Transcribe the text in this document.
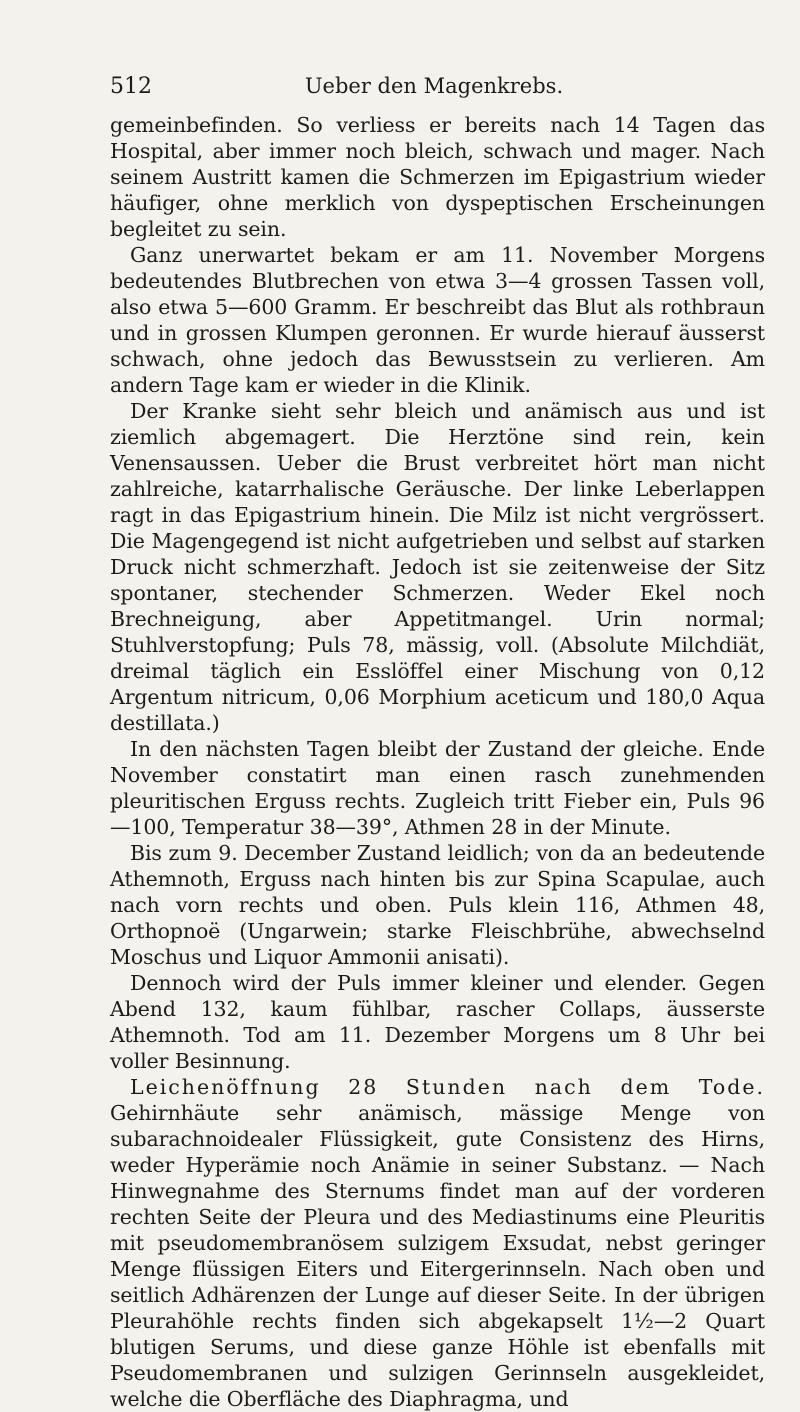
512	Ueber den Magenkrebs.

gemeinbefinden. So verliess er bereits nach 14 Tagen das Hospital, aber immer noch bleich, schwach und mager. Nach seinem Austritt kamen die Schmerzen im Epigastrium wieder häufiger, ohne merklich von dyspeptischen Erscheinungen begleitet zu sein.

Ganz unerwartet bekam er am 11. November Morgens bedeutendes Blutbrechen von etwa 3—4 grossen Tassen voll, also etwa 5—600 Gramm. Er beschreibt das Blut als rothbraun und in grossen Klumpen geronnen. Er wurde hierauf äusserst schwach, ohne jedoch das Bewusstsein zu verlieren. Am andern Tage kam er wieder in die Klinik.

Der Kranke sieht sehr bleich und anämisch aus und ist ziemlich abgemagert. Die Herztöne sind rein, kein Venensaussen. Ueber die Brust verbreitet hört man nicht zahlreiche, katarrhalische Geräusche. Der linke Leberlappen ragt in das Epigastrium hinein. Die Milz ist nicht vergrössert. Die Magengegend ist nicht aufgetrieben und selbst auf starken Druck nicht schmerzhaft. Jedoch ist sie zeitenweise der Sitz spontaner, stechender Schmerzen. Weder Ekel noch Brechneigung, aber Appetitmangel. Urin normal; Stuhlverstopfung; Puls 78, mässig, voll. (Absolute Milchdiät, dreimal täglich ein Esslöffel einer Mischung von 0,12 Argentum nitricum, 0,06 Morphium aceticum und 180,0 Aqua destillata.)

In den nächsten Tagen bleibt der Zustand der gleiche. Ende November constatirt man einen rasch zunehmenden pleuritischen Erguss rechts. Zugleich tritt Fieber ein, Puls 96—100, Temperatur 38—39°, Athmen 28 in der Minute.

Bis zum 9. December Zustand leidlich; von da an bedeutende Athemnoth, Erguss nach hinten bis zur Spina Scapulae, auch nach vorn rechts und oben. Puls klein 116, Athmen 48, Orthopnoë (Ungarwein; starke Fleischbrühe, abwechselnd Moschus und Liquor Ammonii anisati).

Dennoch wird der Puls immer kleiner und elender. Gegen Abend 132, kaum fühlbar, rascher Collaps, äusserste Athemnoth. Tod am 11. Dezember Morgens um 8 Uhr bei voller Besinnung.

Leichenöffnung 28 Stunden nach dem Tode. Gehirnhäute sehr anämisch, mässige Menge von subarachnoidealer Flüssigkeit, gute Consistenz des Hirns, weder Hyperämie noch Anämie in seiner Substanz. — Nach Hinwegnahme des Sternums findet man auf der vorderen rechten Seite der Pleura und des Mediastinums eine Pleuritis mit pseudomembranösem sulzigem Exsudat, nebst geringer Menge flüssigen Eiters und Eitergerinnseln. Nach oben und seitlich Adhärenzen der Lunge auf dieser Seite. In der übrigen Pleurahöhle rechts finden sich abgekapselt 1½—2 Quart blutigen Serums, und diese ganze Höhle ist ebenfalls mit Pseudomembranen und sulzigen Gerinnseln ausgekleidet, welche die Oberfläche des Diaphragma, und
